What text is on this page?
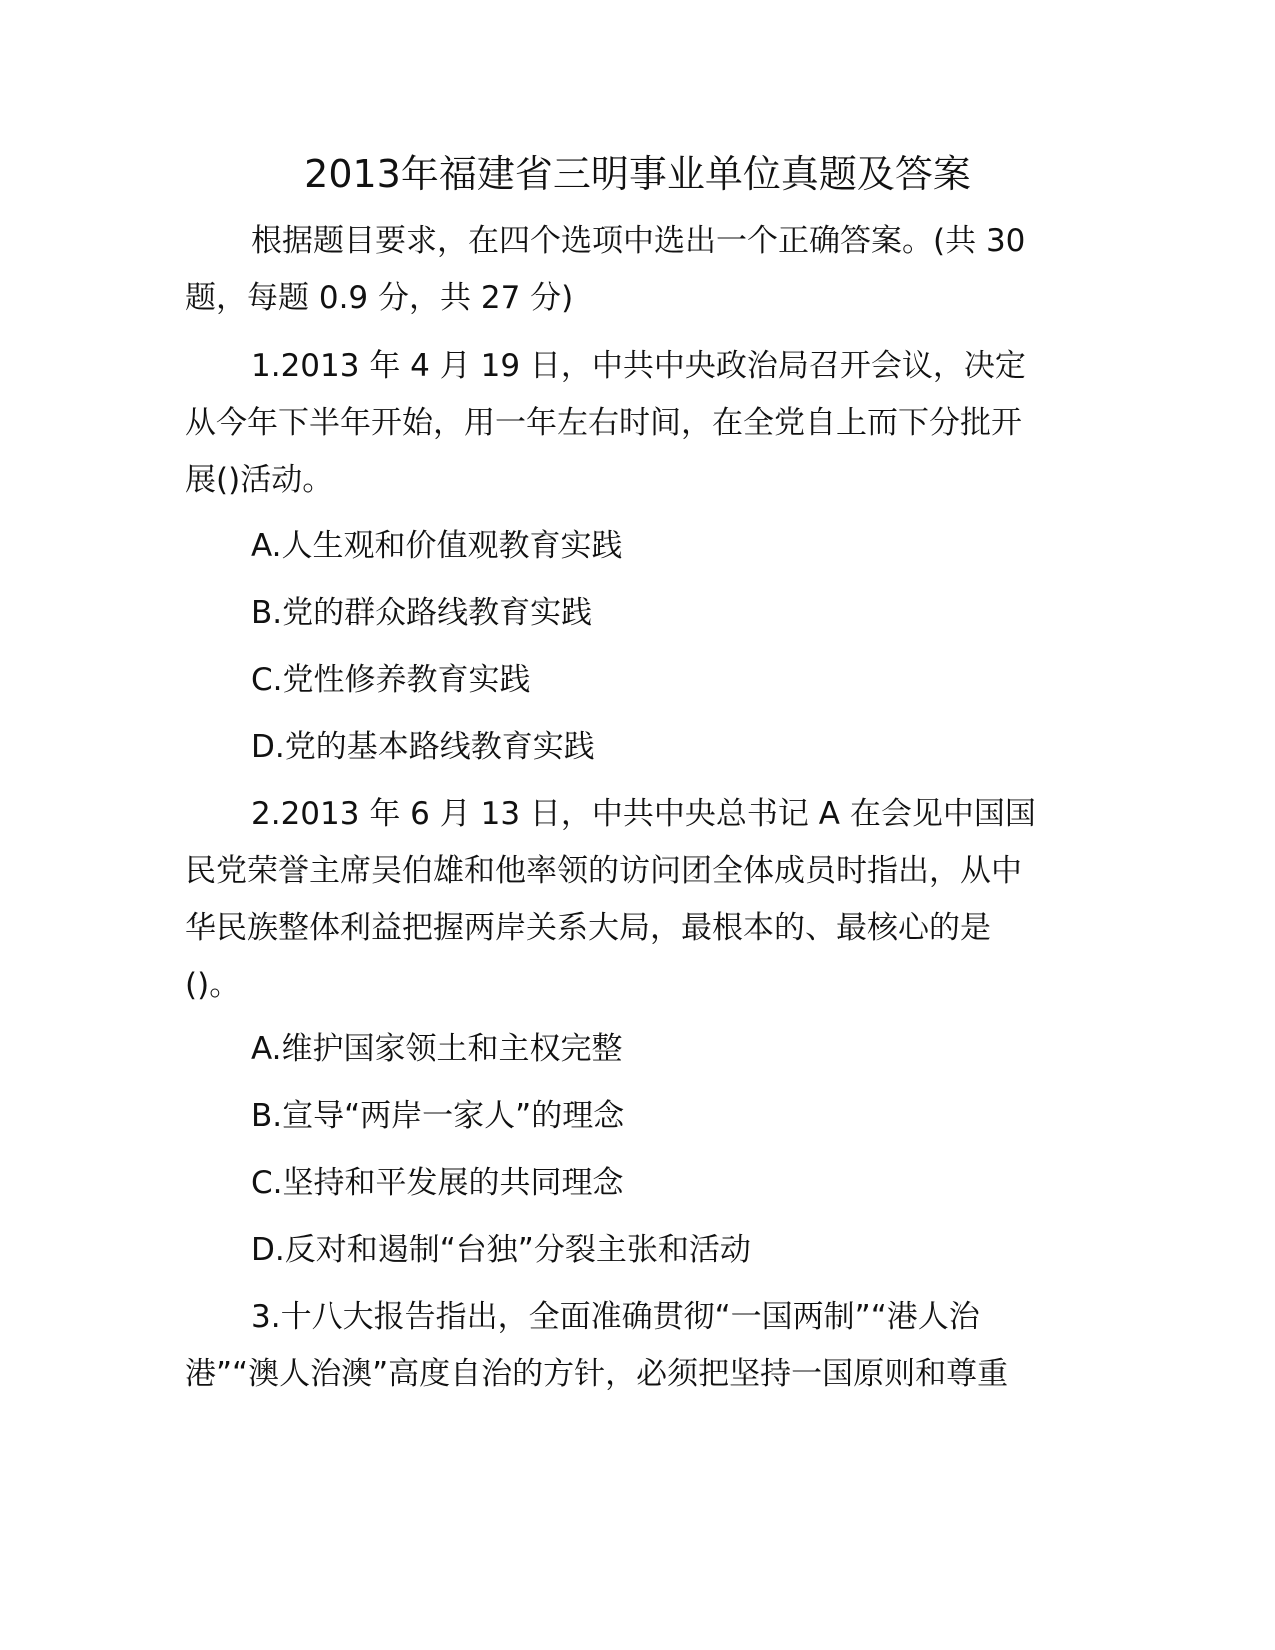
2013年福建省三明事业单位真题及答案

根据题目要求，在四个选项中选出一个正确答案。(共 30

题，每题 0.9 分，共 27 分)

1.2013 年 4 月 19 日，中共中央政治局召开会议，决定

从今年下半年开始，用一年左右时间，在全党自上而下分批开

展()活动。

A.人生观和价值观教育实践

B.党的群众路线教育实践

C.党性修养教育实践

D.党的基本路线教育实践

2.2013 年 6 月 13 日，中共中央总书记 A 在会见中国国

民党荣誉主席吴伯雄和他率领的访问团全体成员时指出，从中

华民族整体利益把握两岸关系大局，最根本的、最核心的是

()。

A.维护国家领土和主权完整

B.宣导“两岸一家人”的理念

C.坚持和平发展的共同理念

D.反对和遏制“台独”分裂主张和活动

3.十八大报告指出，全面准确贯彻“一国两制”“港人治

港”“澳人治澳”高度自治的方针，必须把坚持一国原则和尊重
